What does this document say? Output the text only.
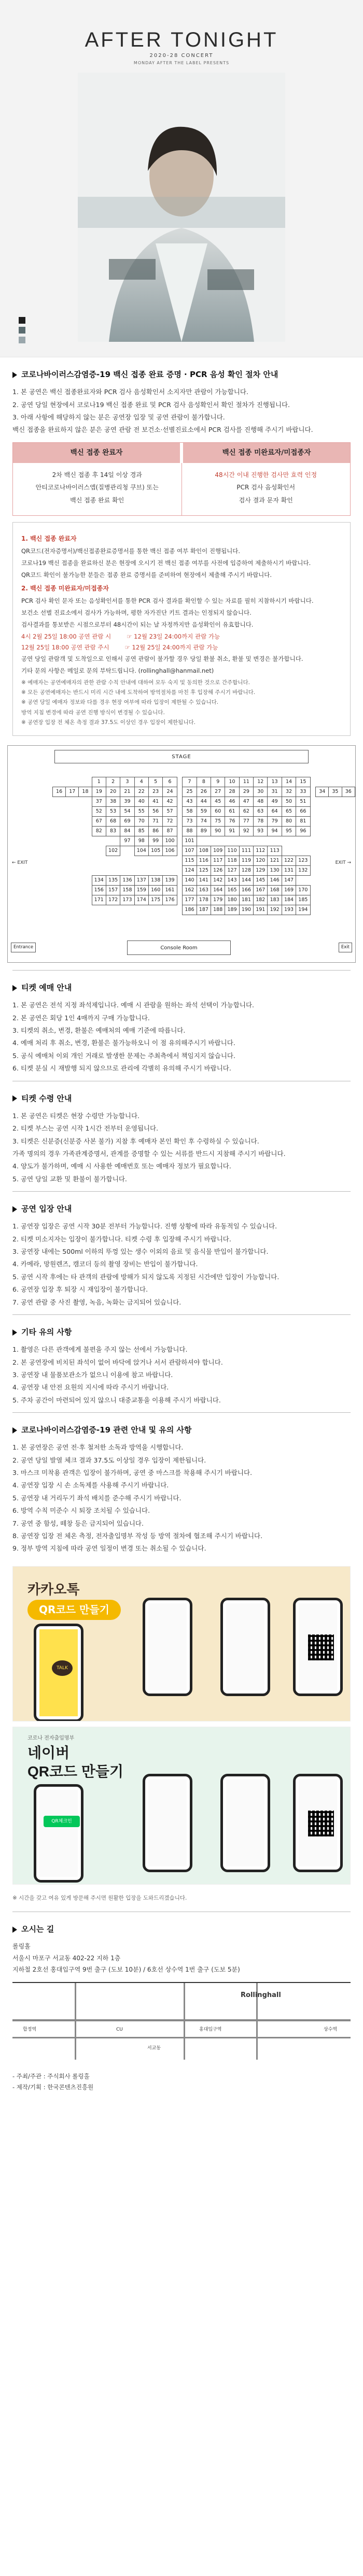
AFTER TONIGHT
2020-28 CONCERT
MONDAY AFTER THE LABEL PRESENTS
코로나바이러스감염증-19 백신 접종 완료 증명 · PCR 음성 확인 절차 안내
1. 본 공연은 백신 접종완료자와 PCR 검사 음성확인서 소지자만 관람이 가능합니다.
2. 공연 당일 현장에서 코로나19 백신 접종 완료 및 PCR 검사 음성확인서 확인 절차가 진행됩니다.
3. 아래 사항에 해당하지 않는 분은 공연장 입장 및 공연 관람이 불가합니다.
백신 접종을 완료하지 않은 분은 공연 관람 전 보건소·선별진료소에서 PCR 검사를 진행해 주시기 바랍니다.
백신 접종 완료자	백신 접종 미완료자/미접종자
2차 백신 접종 후 14일 이상 경과
안티코로나바이러스앱(질병관리청 쿠브) 또는
백신 접종 완료 확인
48시간 이내 진행한 검사만 효력 인정
PCR 검사 음성확인서
검사 결과 문자 확인
1. 백신 접종 완료자

QR코드(전자증명서)/백신접종완료증명서를 통한 백신 접종 여부 확인이 진행됩니다.

코로나19 백신 접종을 완료하신 분은 현장에 오시기 전 백신 접종 여부를 사전에 입증하여 제출하시기 바랍니다.

QR코드 확인이 불가능한 분들은 접종 완료 증명서를 준비하여 현장에서 제출해 주시기 바랍니다.

2. 백신 접종 미완료자/미접종자

PCR 검사 확인 문자 또는 음성확인서를 통한 PCR 검사 결과를 확인할 수 있는 자료를 필히 지참하시기 바랍니다.

보건소 선별 진료소에서 검사가 가능하며, 평한 자가진단 키트 결과는 인정되지 않습니다.

검사결과를 통보받은 시점으로부터 48시간이 되는 날 자정까지만 음성확인이 유효합니다.

4시 2월 25일 18:00 공연 관람 시	☞ 12월 23일 24:00까지 관람 가능
12월 25일 18:00 공연 관람 주시	☞ 12월 25일 24:00까지 관람 가능

공연 당일 관람객 및 도착일으로 인해서 공연 관람이 불가할 경우 당일 환불 취소, 환불 및 변경은 불가합니다.

기타 문의 사항은 메일로 문의 부탁드립니다. (rollinghall@hanmail.net)

※ 예매자는 공연예매자의 관한 관람 수칙 안내에 대하여 모두 숙지 및 동의한 것으로 간주합니다.
※ 모든 공연예매자는 반드시 미리 시간 내에 도착하여 방역절차를 마친 후 입장해 주시기 바랍니다.
※ 공연 당일 예매자 정보와 다를 경우 현장 여부에 따라 입장이 제한될 수 있습니다.
방역 지침 변경에 따라 공연 진행 방식이 변경될 수 있습니다.
※ 공연장 입장 전 체온 측정 결과 37.5도 이상인 경우 입장이 제한됩니다.
STAGE
← EXIT	EXIT →
Entrance	Exit
			1	2	3	4	5	6		7	8	9	10	11	12	13	14	15				
16	17	18	19	20	21	22	23	24		25	26	27	28	29	30	31	32	33		34	35	36
			37	38	39	40	41	42		43	44	45	46	47	48	49	50	51				
			52	53	54	55	56	57		58	59	60	61	62	63	64	65	66				
			67	68	69	70	71	72		73	74	75	76	77	78	79	80	81				
			82	83	84	85	86	87		88	89	90	91	92	93	94	95	96				
					97	98	99	100		101												
				102		104	105	106		107	108	109	110	111	112	113						
										115	116	117	118	119	120	121	122	123				
										124	125	126	127	128	129	130	131	132				
			134	135	136	137	138	139		140	141	142	143	144	145	146	147					
			156	157	158	159	160	161		162	163	164	165	166	167	168	169	170				
			171	172	173	174	175	176		177	178	179	180	181	182	183	184	185				
										186	187	188	189	190	191	192	193	194				
Console Room
티켓 예매 안내
1. 본 공연은 전석 지정 좌석제입니다. 예매 시 관람을 원하는 좌석 선택이 가능합니다.
2. 본 공연은 회당 1인 4매까지 구매 가능합니다.
3. 티켓의 취소, 변경, 환불은 예매처의 예매 기준에 따릅니다.
4. 예매 처리 후 취소, 변경, 환불은 불가능하오니 이 점 유의해주시기 바랍니다.
5. 공식 예매처 이외 개인 거래로 발생한 문제는 주최측에서 책임지지 않습니다.
6. 티켓 분실 시 재발행 되지 않으므로 관리에 각별히 유의해 주시기 바랍니다.
티켓 수령 안내
1. 본 공연은 티켓은 현장 수령만 가능합니다.
2. 티켓 부스는 공연 시작 1시간 전부터 운영됩니다.
3. 티켓은 신분증(신분증 사본 불가) 지참 후 예매자 본인 확인 후 수령하실 수 있습니다.
가족 명의의 경우 가족관계증명서, 관계를 증명할 수 있는 서류를 반드시 지참해 주시기 바랍니다.
4. 양도가 불가하며, 예매 시 사용한 예매번호 또는 예매자 정보가 필요합니다.
5. 공연 당일 교환 및 환불이 불가합니다.
공연 입장 안내
1. 공연장 입장은 공연 시작 30분 전부터 가능합니다. 진행 상황에 따라 유동적일 수 있습니다.
2. 티켓 미소지자는 입장이 불가합니다. 티켓 수령 후 입장해 주시기 바랍니다.
3. 공연장 내에는 500ml 이하의 뚜껑 있는 생수 이외의 음료 및 음식물 반입이 불가합니다.
4. 카메라, 망원렌즈, 캠코더 등의 촬영 장비는 반입이 불가합니다.
5. 공연 시작 후에는 타 관객의 관람에 방해가 되지 않도록 지정된 시간에만 입장이 가능합니다.
6. 공연장 입장 후 퇴장 시 재입장이 불가합니다.
7. 공연 관람 중 사진 촬영, 녹음, 녹화는 금지되어 있습니다.
기타 유의 사항
1. 촬영은 다른 관객에게 불편을 주지 않는 선에서 가능합니다.
2. 본 공연장에 비치된 좌석이 없어 바닥에 앉거나 서서 관람하셔야 합니다.
3. 공연장 내 물품보관소가 없으니 이용에 참고 바랍니다.
4. 공연장 내 안전 요원의 지시에 따라 주시기 바랍니다.
5. 주차 공간이 마련되어 있지 않으니 대중교통을 이용해 주시기 바랍니다.
코로나바이러스감염증-19 관련 안내 및 유의 사항
1. 본 공연장은 공연 전·후 철저한 소독과 방역을 시행합니다.
2. 공연 당일 발열 체크 결과 37.5도 이상일 경우 입장이 제한됩니다.
3. 마스크 미착용 관객은 입장이 불가하며, 공연 중 마스크를 착용해 주시기 바랍니다.
4. 공연장 입장 시 손 소독제를 사용해 주시기 바랍니다.
5. 공연장 내 거리두기 좌석 배치를 준수해 주시기 바랍니다.
6. 방역 수칙 미준수 시 퇴장 조치될 수 있습니다.
7. 공연 중 함성, 떼창 등은 금지되어 있습니다.
8. 공연장 입장 전 체온 측정, 전자출입명부 작성 등 방역 절차에 협조해 주시기 바랍니다.
9. 정부 방역 지침에 따라 공연 일정이 변경 또는 취소될 수 있습니다.
카카오톡
QR코드 만들기
TALK
코로나 전자출입명부
네이버
QR코드 만들기
QR체크인
※ 시간을 갖고 여유 있게 방문해 주시면 원활한 입장을 도와드리겠습니다.
오시는 길

롤링홀

서울시 마포구 서교동 402-22 지하 1층

지하철 2호선 홍대입구역 9번 출구 (도보 10분) / 6호선 상수역 1번 출구 (도보 5분)

Rollinghall
합정역	상수역
CU	홍대입구역
서교동

- 주최/주관 : 주식회사 롤링홀

- 제작/기획 : 한국콘텐츠진흥원
